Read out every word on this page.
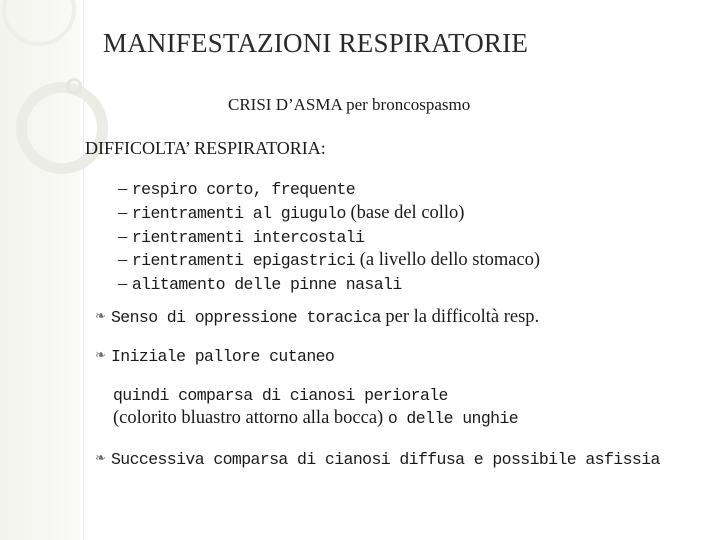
MANIFESTAZIONI RESPIRATORIE
CRISI D’ASMA per broncospasmo
DIFFICOLTA’ RESPIRATORIA:
– respiro corto, frequente
– rientramenti al giugulo (base del collo)
– rientramenti intercostali
– rientramenti epigastrici (a livello dello stomaco)
– alitamento delle pinne nasali
❧ Senso di oppressione toracica per la difficoltà resp.
❧ Iniziale pallore cutaneo
quindi comparsa di cianosi periorale
(colorito bluastro attorno alla bocca) o delle unghie
❧ Successiva comparsa di cianosi diffusa e possibile asfissia
